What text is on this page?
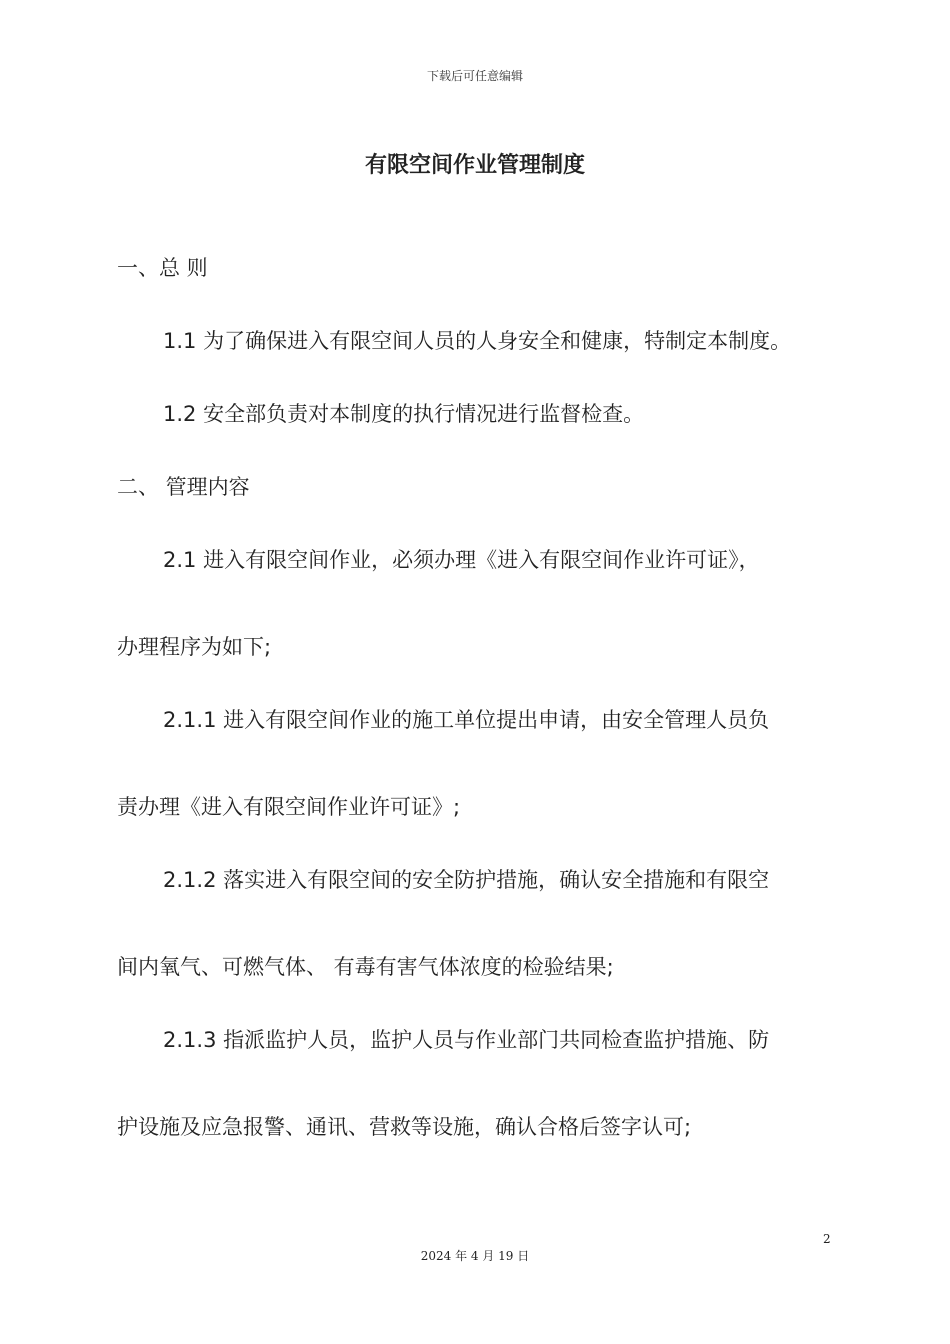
下载后可任意编辑
有限空间作业管理制度
一、总 则
1.1 为了确保进入有限空间人员的人身安全和健康，特制定本制度。
1.2 安全部负责对本制度的执行情况进行监督检查。
二、 管理内容
2.1 进入有限空间作业，必须办理《进入有限空间作业许可证》，
办理程序为如下;
2.1.1 进入有限空间作业的施工单位提出申请，由安全管理人员负
责办理《进入有限空间作业许可证》;
2.1.2 落实进入有限空间的安全防护措施，确认安全措施和有限空
间内氧气、可燃气体、 有毒有害气体浓度的检验结果;
2.1.3 指派监护人员，监护人员与作业部门共同检查监护措施、防
护设施及应急报警、通讯、营救等设施，确认合格后签字认可;
2
2024 年 4 月 19 日
